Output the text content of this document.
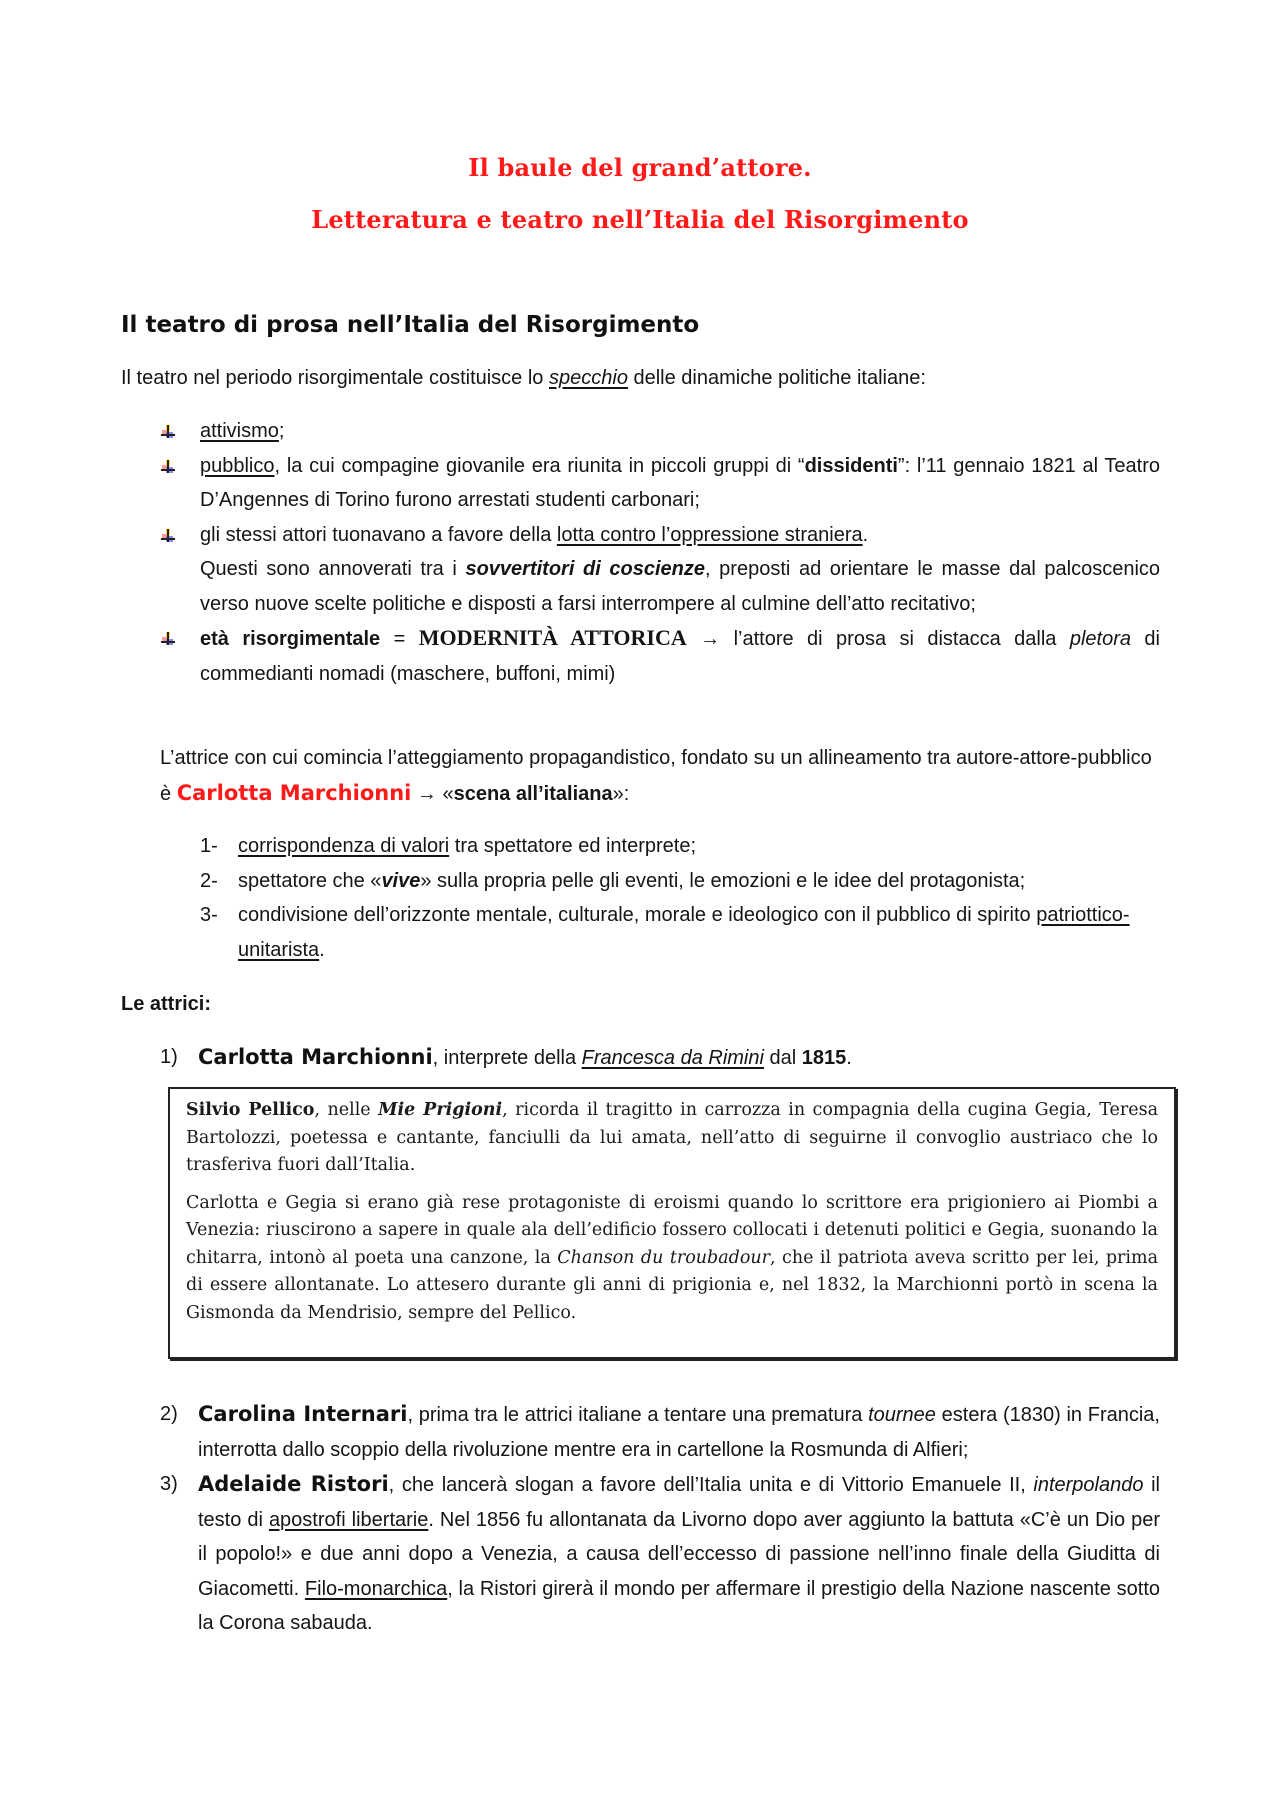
Il baule del grand’attore.
Letteratura e teatro nell’Italia del Risorgimento
Il teatro di prosa nell’Italia del Risorgimento
Il teatro nel periodo risorgimentale costituisce lo specchio delle dinamiche politiche italiane:
attivismo;
pubblico, la cui compagine giovanile era riunita in piccoli gruppi di “dissidenti”: l’11 gennaio 1821 al Teatro D’Angennes di Torino furono arrestati studenti carbonari;
gli stessi attori tuonavano a favore della lotta contro l’oppressione straniera.
Questi sono annoverati tra i sovvertitori di coscienze, preposti ad orientare le masse dal palcoscenico verso nuove scelte politiche e disposti a farsi interrompere al culmine dell’atto recitativo;
età risorgimentale = MODERNITÀ ATTORICA → l’attore di prosa si distacca dalla pletora di commedianti nomadi (maschere, buffoni, mimi)
L’attrice con cui comincia l’atteggiamento propagandistico, fondato su un allineamento tra autore-attore-pubblico è Carlotta Marchionni → «scena all’italiana»:
1- corrispondenza di valori tra spettatore ed interprete;
2- spettatore che «vive» sulla propria pelle gli eventi, le emozioni e le idee del protagonista;
3- condivisione dell’orizzonte mentale, culturale, morale e ideologico con il pubblico di spirito patriottico-unitarista.
Le attrici:
1) Carlotta Marchionni, interprete della Francesca da Rimini dal 1815.

Silvio Pellico, nelle Mie Prigioni, ricorda il tragitto in carrozza in compagnia della cugina Gegia, Teresa Bartolozzi, poetessa e cantante, fanciulli da lui amata, nell’atto di seguirne il convoglio austriaco che lo trasferiva fuori dall’Italia.

Carlotta e Gegia si erano già rese protagoniste di eroismi quando lo scrittore era prigioniero ai Piombi a Venezia: riuscirono a sapere in quale ala dell’edificio fossero collocati i detenuti politici e Gegia, suonando la chitarra, intonò al poeta una canzone, la Chanson du troubadour, che il patriota aveva scritto per lei, prima di essere allontanate. Lo attesero durante gli anni di prigionia e, nel 1832, la Marchionni portò in scena la Gismonda da Mendrisio, sempre del Pellico.

2) Carolina Internari, prima tra le attrici italiane a tentare una prematura tournee estera (1830) in Francia, interrotta dallo scoppio della rivoluzione mentre era in cartellone la Rosmunda di Alfieri;
3) Adelaide Ristori, che lancerà slogan a favore dell’Italia unita e di Vittorio Emanuele II, interpolando il testo di apostrofi libertarie. Nel 1856 fu allontanata da Livorno dopo aver aggiunto la battuta «C’è un Dio per il popolo!» e due anni dopo a Venezia, a causa dell’eccesso di passione nell’inno finale della Giuditta di Giacometti. Filo-monarchica, la Ristori girerà il mondo per affermare il prestigio della Nazione nascente sotto la Corona sabauda.
